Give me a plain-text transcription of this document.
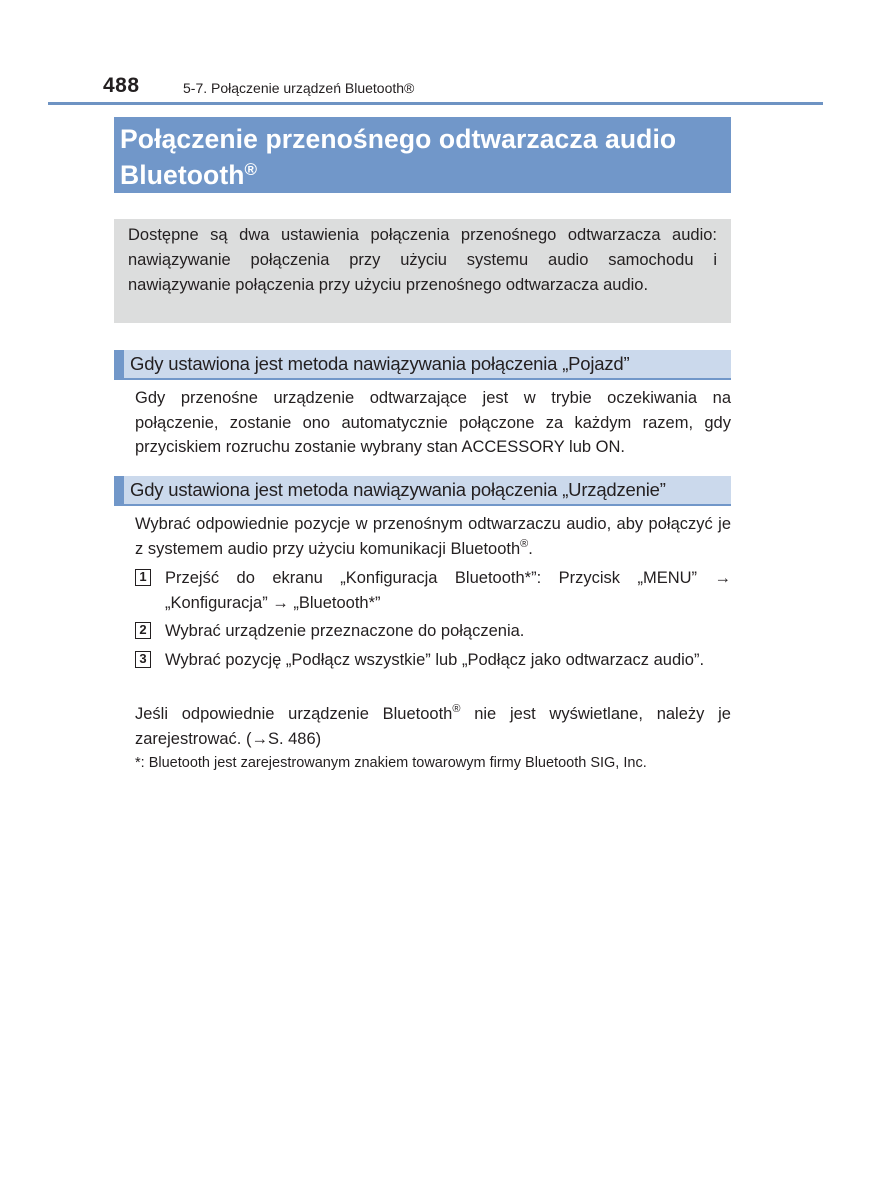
488	5-7. Połączenie urządzeń Bluetooth®
Połączenie przenośnego odtwarzacza audio
Bluetooth®

Dostępne są dwa ustawienia połączenia przenośnego odtwarzacza audio: nawiązywanie połączenia przy użyciu systemu audio samochodu i nawiązywanie połączenia przy użyciu przenośnego odtwarzacza audio.

Gdy ustawiona jest metoda nawiązywania połączenia „Pojazd”

Gdy przenośne urządzenie odtwarzające jest w trybie oczekiwania na połączenie, zostanie ono automatycznie połączone za każdym razem, gdy przyciskiem rozruchu zostanie wybrany stan ACCESSORY lub ON.

Gdy ustawiona jest metoda nawiązywania połączenia „Urządzenie”

Wybrać odpowiednie pozycje w przenośnym odtwarzaczu audio, aby połączyć je z systemem audio przy użyciu komunikacji Bluetooth®.

1 Przejść do ekranu „Konfiguracja Bluetooth*”: Przycisk „MENU” → „Konfiguracja” → „Bluetooth*”

2 Wybrać urządzenie przeznaczone do połączenia.

3 Wybrać pozycję „Podłącz wszystkie” lub „Podłącz jako odtwarzacz audio”.

Jeśli odpowiednie urządzenie Bluetooth® nie jest wyświetlane, należy je zarejestrować. (→S. 486)

*: Bluetooth jest zarejestrowanym znakiem towarowym firmy Bluetooth SIG, Inc.
